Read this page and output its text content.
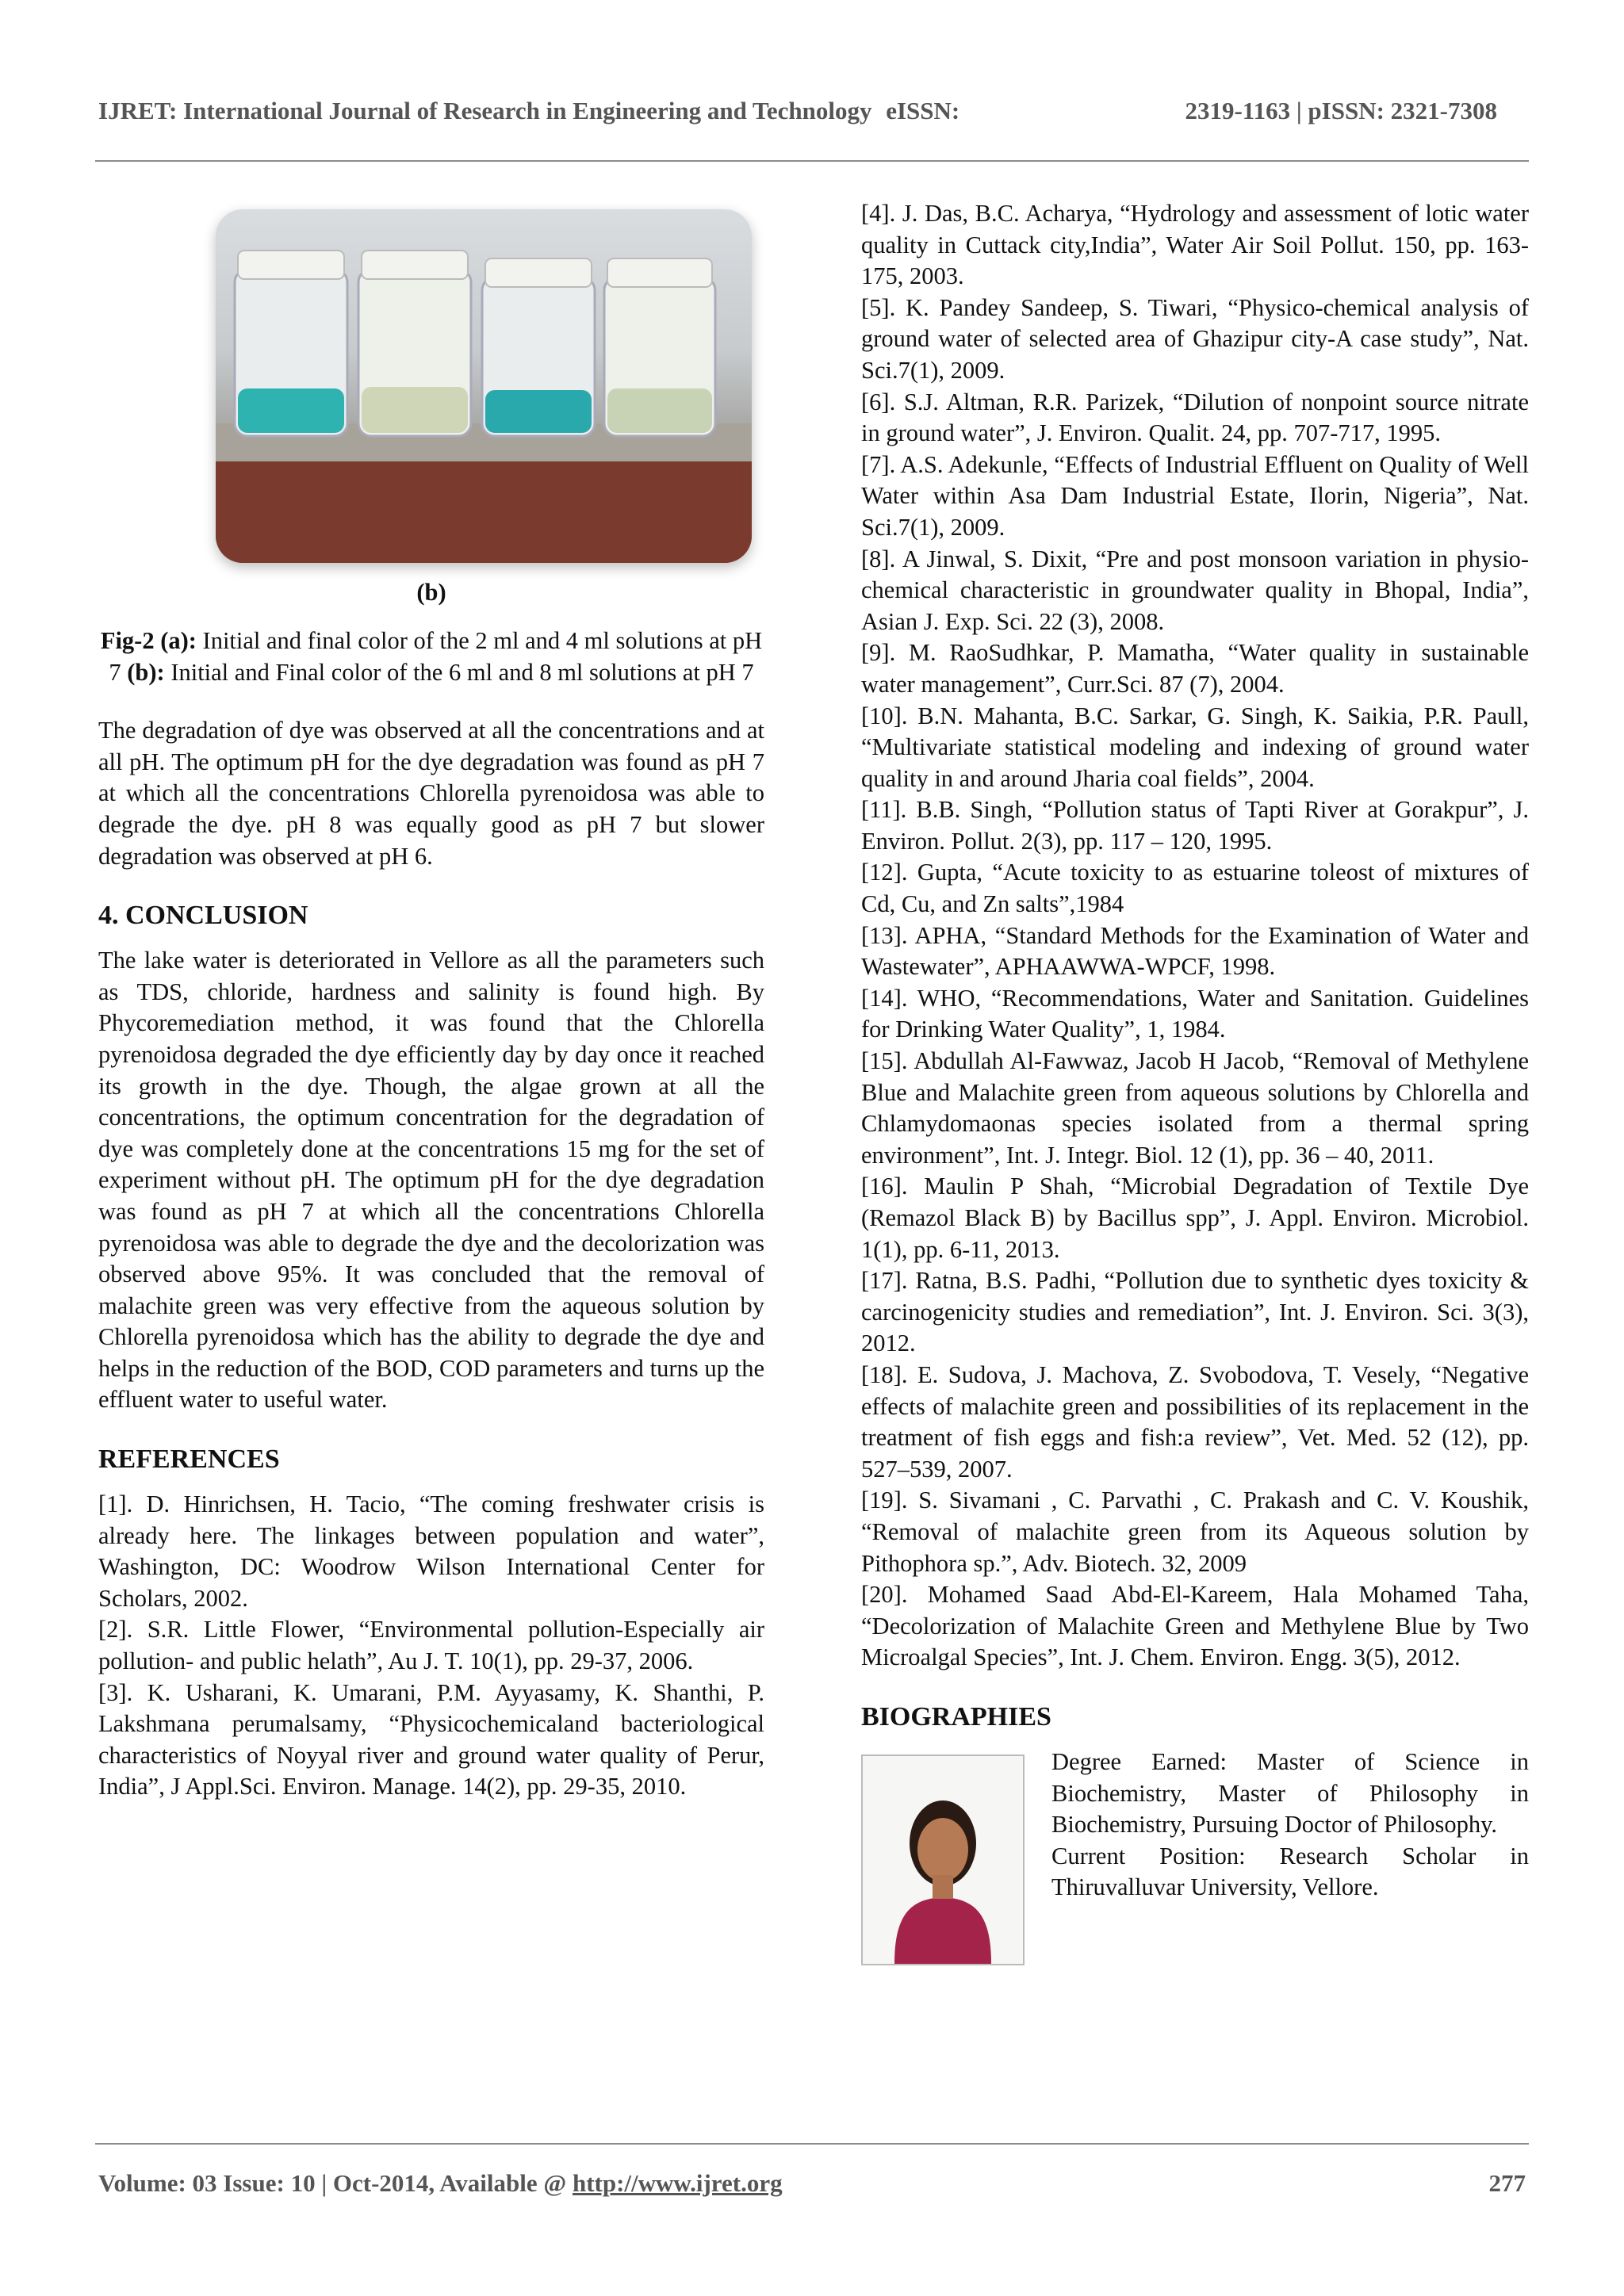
IJRET: International Journal of Research in Engineering and Technology eISSN:	2319-1163 | pISSN: 2321-7308
(b)
Fig-2 (a): Initial and final color of the 2 ml and 4 ml solutions at pH 7 (b): Initial and Final color of the 6 ml and 8 ml solutions at pH 7

The degradation of dye was observed at all the concentrations and at all pH. The optimum pH for the dye degradation was found as pH 7 at which all the concentrations Chlorella pyrenoidosa was able to degrade the dye. pH 8 was equally good as pH 7 but slower degradation was observed at pH 6.

4. CONCLUSION

The lake water is deteriorated in Vellore as all the parameters such as TDS, chloride, hardness and salinity is found high. By Phycoremediation method, it was found that the Chlorella pyrenoidosa degraded the dye efficiently day by day once it reached its growth in the dye. Though, the algae grown at all the concentrations, the optimum concentration for the degradation of dye was completely done at the concentrations 15 mg for the set of experiment without pH. The optimum pH for the dye degradation was found as pH 7 at which all the concentrations Chlorella pyrenoidosa was able to degrade the dye and the decolorization was observed above 95%. It was concluded that the removal of malachite green was very effective from the aqueous solution by Chlorella pyrenoidosa which has the ability to degrade the dye and helps in the reduction of the BOD, COD parameters and turns up the effluent water to useful water.

REFERENCES
[1]. D. Hinrichsen, H. Tacio, “The coming freshwater crisis is already here. The linkages between population and water”, Washington, DC: Woodrow Wilson International Center for Scholars, 2002.
[2]. S.R. Little Flower, “Environmental pollution-Especially air pollution- and public helath”, Au J. T. 10(1), pp. 29-37, 2006.
[3]. K. Usharani, K. Umarani, P.M. Ayyasamy, K. Shanthi, P. Lakshmana perumalsamy, “Physicochemicaland bacteriological characteristics of Noyyal river and ground water quality of Perur, India”, J Appl.Sci. Environ. Manage. 14(2), pp. 29-35, 2010.
[4]. J. Das, B.C. Acharya, “Hydrology and assessment of lotic water quality in Cuttack city,India”, Water Air Soil Pollut. 150, pp. 163-175, 2003.
[5]. K. Pandey Sandeep, S. Tiwari, “Physico-chemical analysis of ground water of selected area of Ghazipur city-A case study”, Nat. Sci.7(1), 2009.
[6]. S.J. Altman, R.R. Parizek, “Dilution of nonpoint source nitrate in ground water”, J. Environ. Qualit. 24, pp. 707-717, 1995.
[7]. A.S. Adekunle, “Effects of Industrial Effluent on Quality of Well Water within Asa Dam Industrial Estate, Ilorin, Nigeria”, Nat. Sci.7(1), 2009.
[8]. A Jinwal, S. Dixit, “Pre and post monsoon variation in physio-chemical characteristic in groundwater quality in Bhopal, India”, Asian J. Exp. Sci. 22 (3), 2008.
[9]. M. RaoSudhkar, P. Mamatha, “Water quality in sustainable water management”, Curr.Sci. 87 (7), 2004.
[10]. B.N. Mahanta, B.C. Sarkar, G. Singh, K. Saikia, P.R. Paull, “Multivariate statistical modeling and indexing of ground water quality in and around Jharia coal fields”, 2004.
[11]. B.B. Singh, “Pollution status of Tapti River at Gorakpur”, J. Environ. Pollut. 2(3), pp. 117 – 120, 1995.
[12]. Gupta, “Acute toxicity to as estuarine toleost of mixtures of Cd, Cu, and Zn salts”,1984
[13]. APHA, “Standard Methods for the Examination of Water and Wastewater”, APHAAWWA-WPCF, 1998.
[14]. WHO, “Recommendations, Water and Sanitation. Guidelines for Drinking Water Quality”, 1, 1984.
[15]. Abdullah Al-Fawwaz, Jacob H Jacob, “Removal of Methylene Blue and Malachite green from aqueous solutions by Chlorella and Chlamydomaonas species isolated from a thermal spring environment”, Int. J. Integr. Biol. 12 (1), pp. 36 – 40, 2011.
[16]. Maulin P Shah, “Microbial Degradation of Textile Dye (Remazol Black B) by Bacillus spp”, J. Appl. Environ. Microbiol. 1(1), pp. 6-11, 2013.
[17]. Ratna, B.S. Padhi, “Pollution due to synthetic dyes toxicity & carcinogenicity studies and remediation”, Int. J. Environ. Sci. 3(3), 2012.
[18]. E. Sudova, J. Machova, Z. Svobodova, T. Vesely, “Negative effects of malachite green and possibilities of its replacement in the treatment of fish eggs and fish:a review”, Vet. Med. 52 (12), pp. 527–539, 2007.
[19]. S. Sivamani , C. Parvathi , C. Prakash and C. V. Koushik, “Removal of malachite green from its Aqueous solution by Pithophora sp.”, Adv. Biotech. 32, 2009
[20]. Mohamed Saad Abd-El-Kareem, Hala Mohamed Taha, “Decolorization of Malachite Green and Methylene Blue by Two Microalgal Species”, Int. J. Chem. Environ. Engg. 3(5), 2012.
BIOGRAPHIES

Degree Earned: Master of Science in Biochemistry, Master of Philosophy in Biochemistry, Pursuing Doctor of Philosophy.

Current Position: Research Scholar in Thiruvalluvar University, Vellore.

Volume: 03 Issue: 10 | Oct-2014, Available @ http://www.ijret.org	277
